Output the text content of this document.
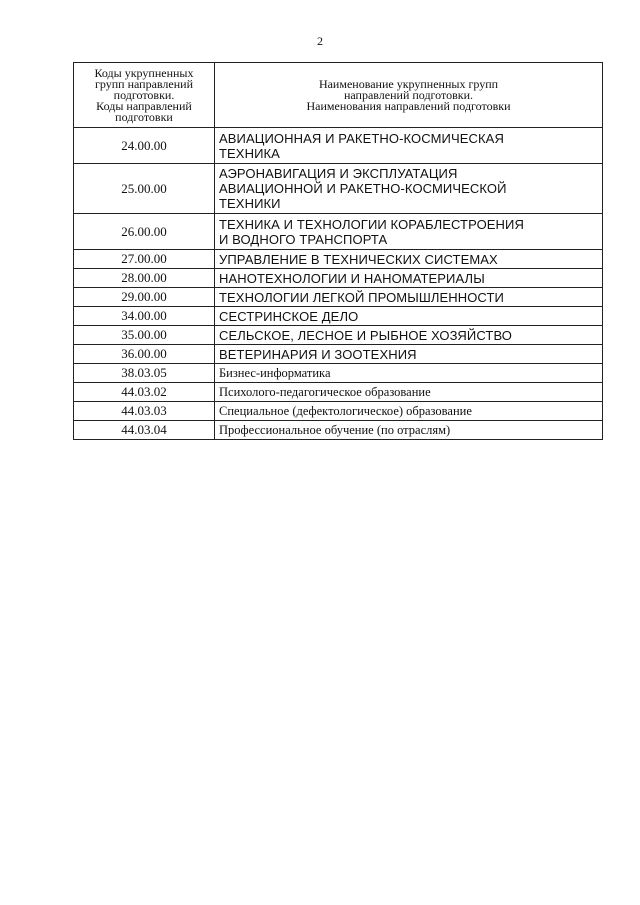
2
Коды укрупненных
групп направлений
подготовки.
Коды направлений
подготовки	Наименование укрупненных групп
направлений подготовки.
Наименования направлений подготовки

24.00.00	АВИАЦИОННАЯ И РАКЕТНО-КОСМИЧЕСКАЯ
ТЕХНИКА

25.00.00	АЭРОНАВИГАЦИЯ И ЭКСПЛУАТАЦИЯ
АВИАЦИОННОЙ И РАКЕТНО-КОСМИЧЕСКОЙ
ТЕХНИКИ

26.00.00	ТЕХНИКА И ТЕХНОЛОГИИ КОРАБЛЕСТРОЕНИЯ
И ВОДНОГО ТРАНСПОРТА

27.00.00	УПРАВЛЕНИЕ В ТЕХНИЧЕСКИХ СИСТЕМАХ
28.00.00	НАНОТЕХНОЛОГИИ И НАНОМАТЕРИАЛЫ
29.00.00	ТЕХНОЛОГИИ ЛЕГКОЙ ПРОМЫШЛЕННОСТИ
34.00.00	СЕСТРИНСКОЕ ДЕЛО
35.00.00	СЕЛЬСКОЕ, ЛЕСНОЕ И РЫБНОЕ ХОЗЯЙСТВО
36.00.00	ВЕТЕРИНАРИЯ И ЗООТЕХНИЯ
38.03.05	Бизнес-информатика
44.03.02	Психолого-педагогическое образование
44.03.03	Специальное (дефектологическое) образование
44.03.04	Профессиональное обучение (по отраслям)
